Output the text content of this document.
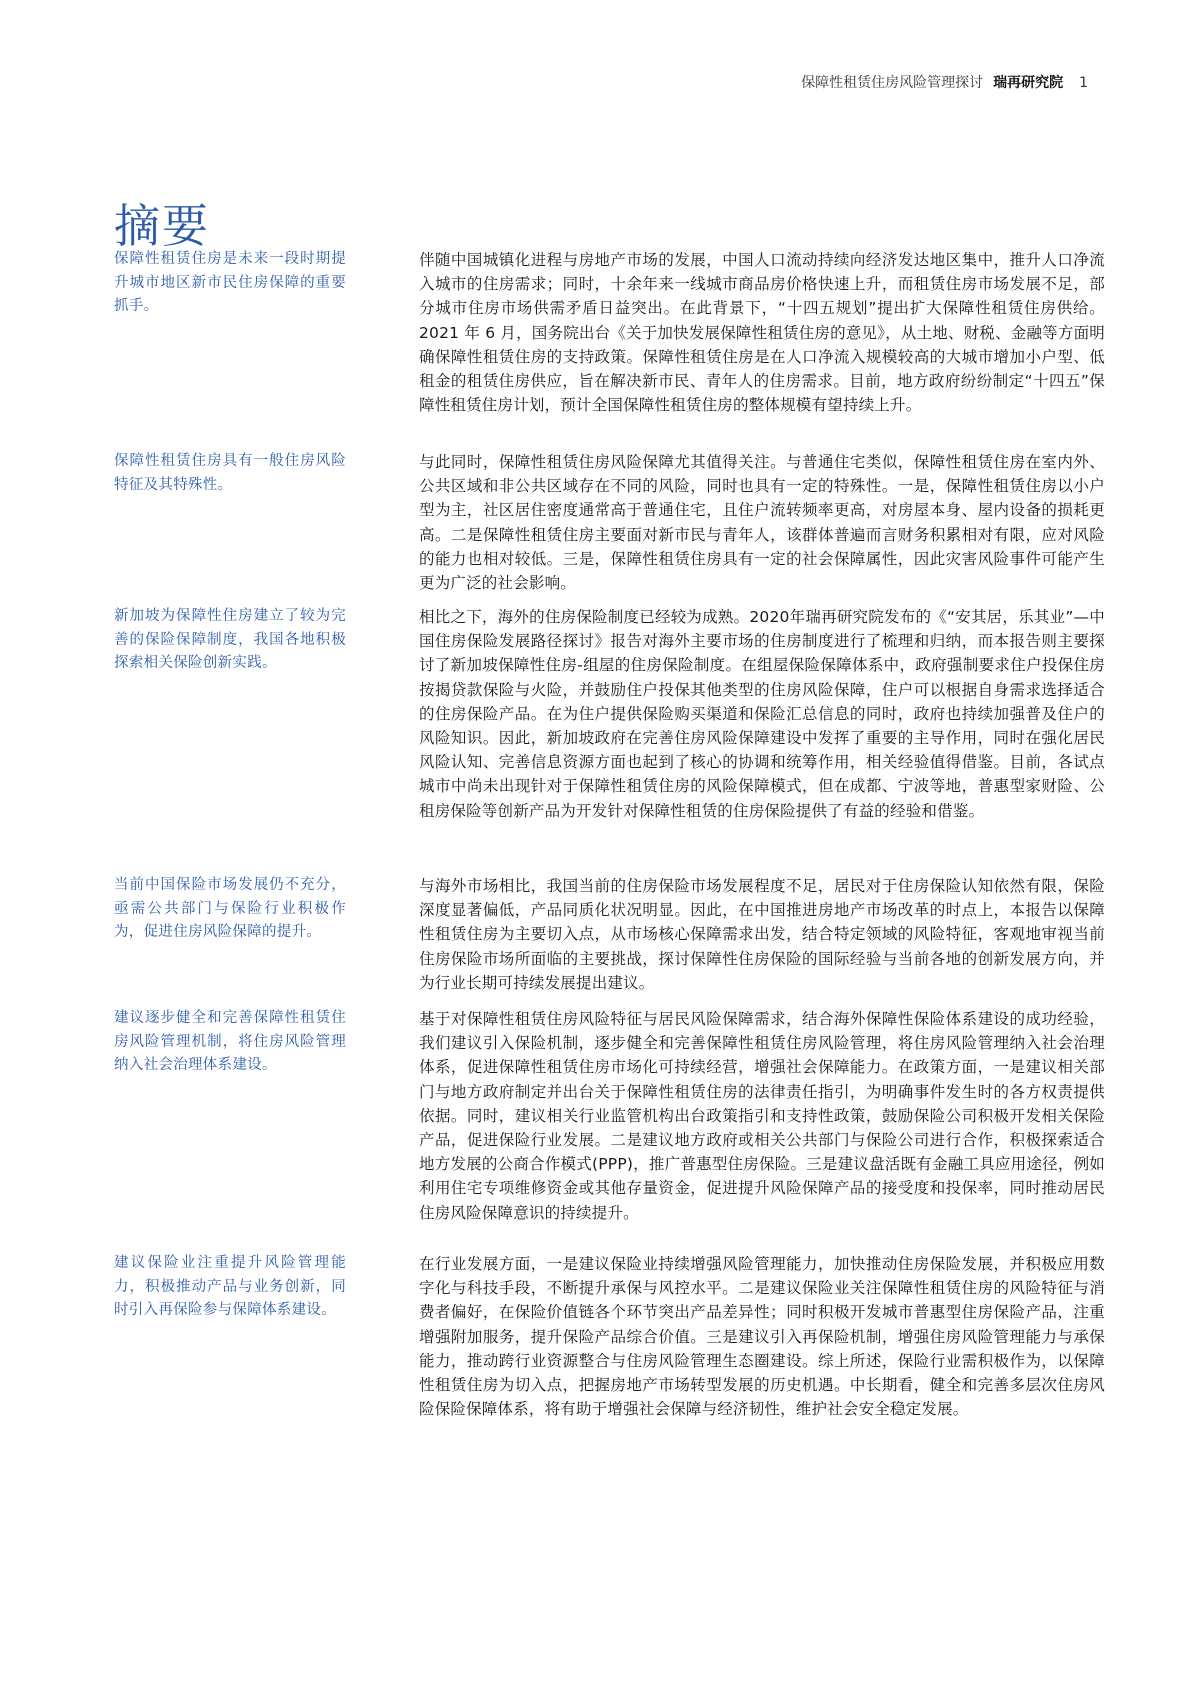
保障性租赁住房风险管理探讨 瑞再研究院 1
摘要
保障性租赁住房是未来一段时期提升城市地区新市民住房保障的重要抓手。
伴随中国城镇化进程与房地产市场的发展，中国人口流动持续向经济发达地区集中，推升人口净流入城市的住房需求；同时，十余年来一线城市商品房价格快速上升，而租赁住房市场发展不足，部分城市住房市场供需矛盾日益突出。在此背景下，“十四五规划”提出扩大保障性租赁住房供给。2021 年 6 月，国务院出台《关于加快发展保障性租赁住房的意见》，从土地、财税、金融等方面明确保障性租赁住房的支持政策。保障性租赁住房是在人口净流入规模较高的大城市增加小户型、低租金的租赁住房供应，旨在解决新市民、青年人的住房需求。目前，地方政府纷纷制定“十四五”保障性租赁住房计划，预计全国保障性租赁住房的整体规模有望持续上升。
保障性租赁住房具有一般住房风险特征及其特殊性。
与此同时，保障性租赁住房风险保障尤其值得关注。与普通住宅类似，保障性租赁住房在室内外、公共区域和非公共区域存在不同的风险，同时也具有一定的特殊性。一是，保障性租赁住房以小户型为主，社区居住密度通常高于普通住宅，且住户流转频率更高，对房屋本身、屋内设备的损耗更高。二是保障性租赁住房主要面对新市民与青年人，该群体普遍而言财务积累相对有限，应对风险的能力也相对较低。三是，保障性租赁住房具有一定的社会保障属性，因此灾害风险事件可能产生更为广泛的社会影响。
新加坡为保障性住房建立了较为完善的保险保障制度，我国各地积极探索相关保险创新实践。
相比之下，海外的住房保险制度已经较为成熟。2020年瑞再研究院发布的《“安其居，乐其业”—中国住房保险发展路径探讨》报告对海外主要市场的住房制度进行了梳理和归纳，而本报告则主要探讨了新加坡保障性住房-组屋的住房保险制度。在组屋保险保障体系中，政府强制要求住户投保住房按揭贷款保险与火险，并鼓励住户投保其他类型的住房风险保障，住户可以根据自身需求选择适合的住房保险产品。在为住户提供保险购买渠道和保险汇总信息的同时，政府也持续加强普及住户的风险知识。因此，新加坡政府在完善住房风险保障建设中发挥了重要的主导作用，同时在强化居民风险认知、完善信息资源方面也起到了核心的协调和统筹作用，相关经验值得借鉴。目前，各试点城市中尚未出现针对于保障性租赁住房的风险保障模式，但在成都、宁波等地，普惠型家财险、公租房保险等创新产品为开发针对保障性租赁的住房保险提供了有益的经验和借鉴。
当前中国保险市场发展仍不充分，亟需公共部门与保险行业积极作为，促进住房风险保障的提升。
与海外市场相比，我国当前的住房保险市场发展程度不足，居民对于住房保险认知依然有限，保险深度显著偏低，产品同质化状况明显。因此，在中国推进房地产市场改革的时点上，本报告以保障性租赁住房为主要切入点，从市场核心保障需求出发，结合特定领域的风险特征，客观地审视当前住房保险市场所面临的主要挑战，探讨保障性住房保险的国际经验与当前各地的创新发展方向，并为行业长期可持续发展提出建议。
建议逐步健全和完善保障性租赁住房风险管理机制，将住房风险管理纳入社会治理体系建设。
基于对保障性租赁住房风险特征与居民风险保障需求，结合海外保障性保险体系建设的成功经验，我们建议引入保险机制，逐步健全和完善保障性租赁住房风险管理，将住房风险管理纳入社会治理体系，促进保障性租赁住房市场化可持续经营，增强社会保障能力。在政策方面，一是建议相关部门与地方政府制定并出台关于保障性租赁住房的法律责任指引，为明确事件发生时的各方权责提供依据。同时，建议相关行业监管机构出台政策指引和支持性政策，鼓励保险公司积极开发相关保险产品，促进保险行业发展。二是建议地方政府或相关公共部门与保险公司进行合作，积极探索适合地方发展的公商合作模式(PPP)，推广普惠型住房保险。三是建议盘活既有金融工具应用途径，例如利用住宅专项维修资金或其他存量资金，促进提升风险保障产品的接受度和投保率，同时推动居民住房风险保障意识的持续提升。
建议保险业注重提升风险管理能力，积极推动产品与业务创新，同时引入再保险参与保障体系建设。
在行业发展方面，一是建议保险业持续增强风险管理能力，加快推动住房保险发展，并积极应用数字化与科技手段，不断提升承保与风控水平。二是建议保险业关注保障性租赁住房的风险特征与消费者偏好，在保险价值链各个环节突出产品差异性；同时积极开发城市普惠型住房保险产品，注重增强附加服务，提升保险产品综合价值。三是建议引入再保险机制，增强住房风险管理能力与承保能力，推动跨行业资源整合与住房风险管理生态圈建设。综上所述，保险行业需积极作为，以保障性租赁住房为切入点，把握房地产市场转型发展的历史机遇。中长期看，健全和完善多层次住房风险保险保障体系，将有助于增强社会保障与经济韧性，维护社会安全稳定发展。
